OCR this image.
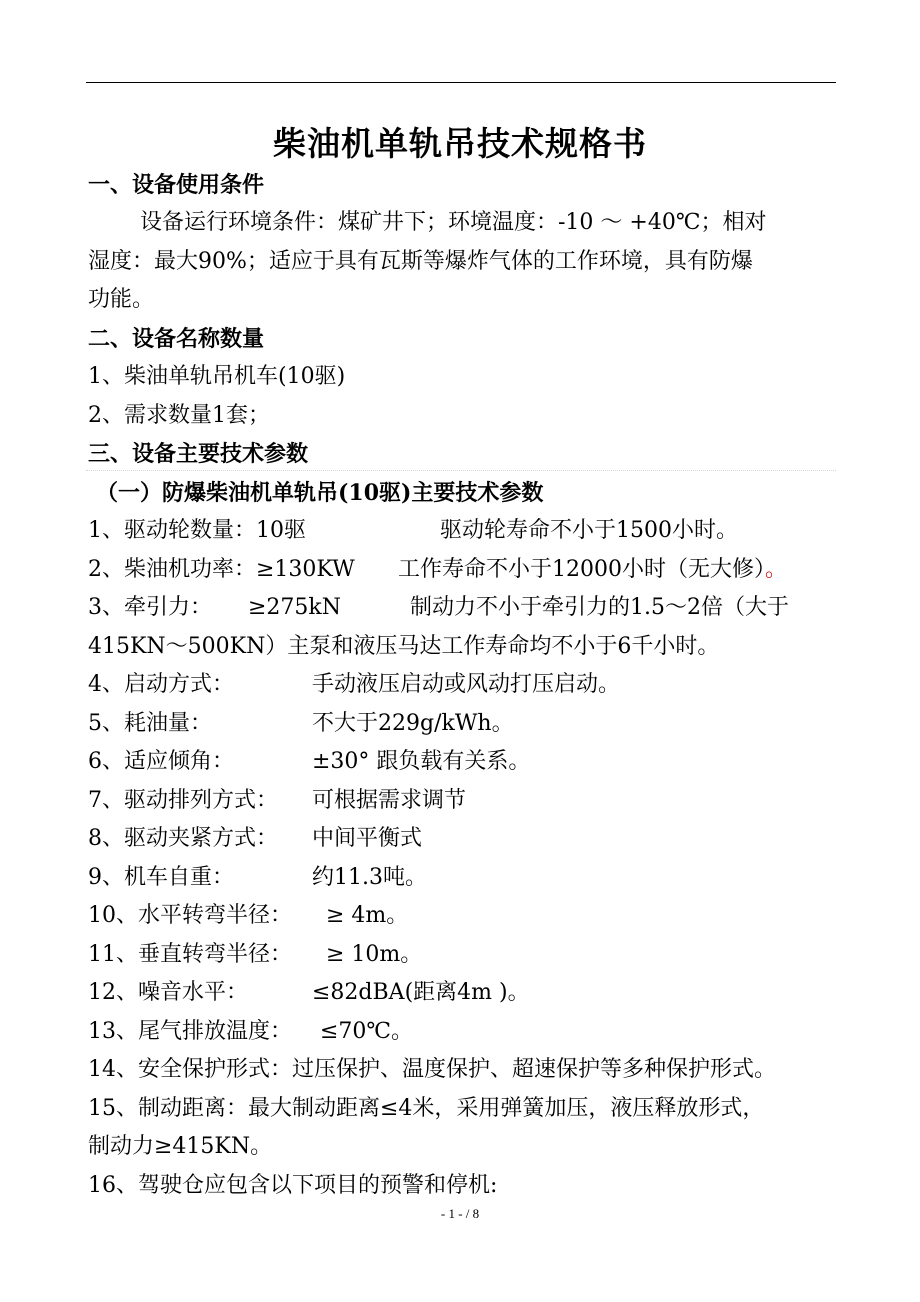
柴油机单轨吊技术规格书
一、设备使用条件
设备运行环境条件：煤矿井下；环境温度：-10 ～ +40℃；相对
湿度：最大90%；适应于具有瓦斯等爆炸气体的工作环境，具有防爆
功能。
二、设备名称数量
1、柴油单轨吊机车(10驱)
2、需求数量1套；
三、设备主要技术参数
（一）防爆柴油机单轨吊(10驱)主要技术参数
1、驱动轮数量：10驱	驱动轮寿命不小于1500小时。
2、柴油机功率：≥130KW 工作寿命不小于12000小时（无大修）。
3、牵引力： ≥275kN	制动力不小于牵引力的1.5～2倍（大于
415KN～500KN）主泵和液压马达工作寿命均不小于6千小时。
4、启动方式：	手动液压启动或风动打压启动。
5、耗油量：	不大于229g/kWh。
6、适应倾角：	±30° 跟负载有关系。
7、驱动排列方式： 可根据需求调节
8、驱动夹紧方式： 中间平衡式
9、机车自重：	约11.3吨。
10、水平转弯半径： ≥ 4m。
11、垂直转弯半径： ≥ 10m。
12、噪音水平：	≤82dBA(距离4m )。
13、尾气排放温度： ≤70℃。
14、安全保护形式：过压保护、温度保护、超速保护等多种保护形式。
15、制动距离：最大制动距离≤4米，采用弹簧加压，液压释放形式，
制动力≥415KN。
16、驾驶仓应包含以下项目的预警和停机:
- 1 - / 8
